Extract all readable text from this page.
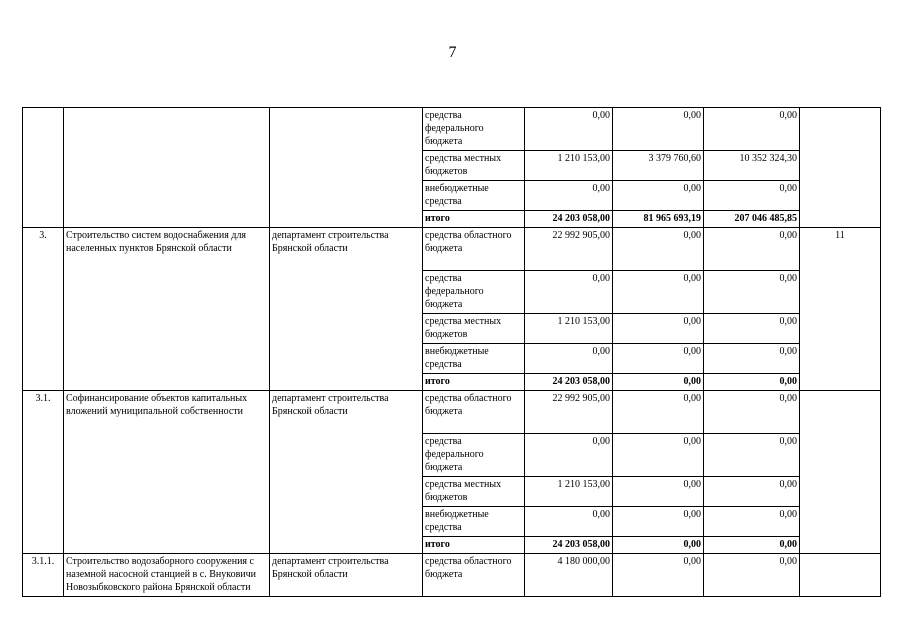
7
			средства федерального бюджета	0,00	0,00	0,00	
			средства местных бюджетов	1 210 153,00	3 379 760,60	10 352 324,30	
			внебюджетные средства	0,00	0,00	0,00	
			итого	24 203 058,00	81 965 693,19	207 046 485,85	
3.	Строительство систем водоснабжения для населенных пунктов Брянской области	департамент строительства Брянской области	средства областного бюджета	22 992 905,00	0,00	0,00	11
			средства федерального бюджета	0,00	0,00	0,00	
			средства местных бюджетов	1 210 153,00	0,00	0,00	
			внебюджетные средства	0,00	0,00	0,00	
			итого	24 203 058,00	0,00	0,00	
3.1.	Софинансирование объектов капитальных вложений муниципальной собственности	департамент строительства Брянской области	средства областного бюджета	22 992 905,00	0,00	0,00	
			средства федерального бюджета	0,00	0,00	0,00	
			средства местных бюджетов	1 210 153,00	0,00	0,00	
			внебюджетные средства	0,00	0,00	0,00	
			итого	24 203 058,00	0,00	0,00	
3.1.1.	Строительство водозаборного сооружения с наземной насосной станцией в с. Внуковичи Новозыбковского района Брянской области	департамент строительства Брянской области	средства областного бюджета	4 180 000,00	0,00	0,00	
